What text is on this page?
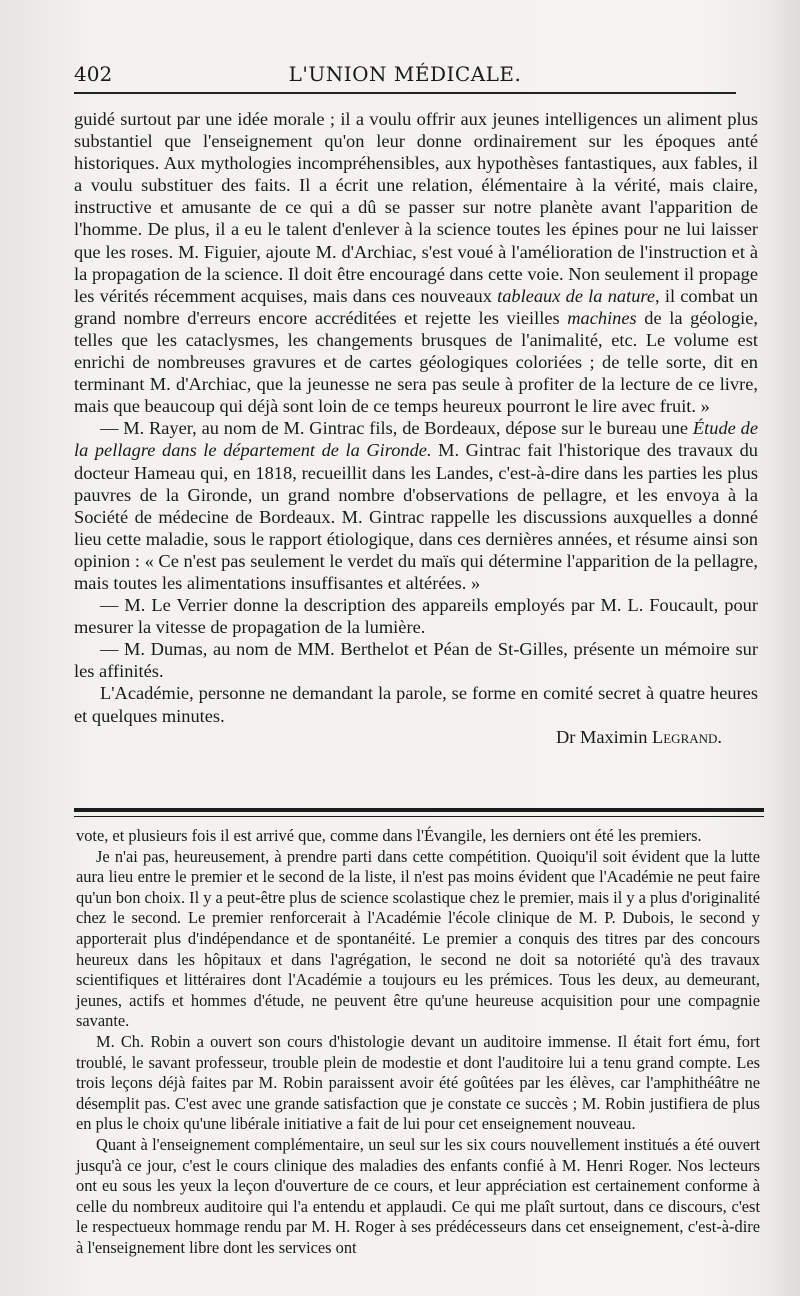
402	L'UNION MÉDICALE.

guidé surtout par une idée morale ; il a voulu offrir aux jeunes intelligences un aliment plus substantiel que l'enseignement qu'on leur donne ordinairement sur les époques anté historiques. Aux mythologies incompréhensibles, aux hypothèses fantastiques, aux fables, il a voulu substituer des faits. Il a écrit une relation, élémentaire à la vérité, mais claire, instructive et amusante de ce qui a dû se passer sur notre planète avant l'apparition de l'homme. De plus, il a eu le talent d'enlever à la science toutes les épines pour ne lui laisser que les roses. M. Figuier, ajoute M. d'Archiac, s'est voué à l'amélioration de l'instruction et à la propagation de la science. Il doit être encouragé dans cette voie. Non seulement il propage les vérités récemment acquises, mais dans ces nouveaux tableaux de la nature, il combat un grand nombre d'erreurs encore accréditées et rejette les vieilles machines de la géologie, telles que les cataclysmes, les changements brusques de l'animalité, etc. Le volume est enrichi de nombreuses gravures et de cartes géologiques coloriées ; de telle sorte, dit en terminant M. d'Archiac, que la jeunesse ne sera pas seule à profiter de la lecture de ce livre, mais que beaucoup qui déjà sont loin de ce temps heureux pourront le lire avec fruit. »

— M. Rayer, au nom de M. Gintrac fils, de Bordeaux, dépose sur le bureau une Étude de la pellagre dans le département de la Gironde. M. Gintrac fait l'historique des travaux du docteur Hameau qui, en 1818, recueillit dans les Landes, c'est-à-dire dans les parties les plus pauvres de la Gironde, un grand nombre d'observations de pellagre, et les envoya à la Société de médecine de Bordeaux. M. Gintrac rappelle les discussions auxquelles a donné lieu cette maladie, sous le rapport étiologique, dans ces dernières années, et résume ainsi son opinion : « Ce n'est pas seulement le verdet du maïs qui détermine l'apparition de la pellagre, mais toutes les alimentations insuffisantes et altérées. »

— M. Le Verrier donne la description des appareils employés par M. L. Foucault, pour mesurer la vitesse de propagation de la lumière.

— M. Dumas, au nom de MM. Berthelot et Péan de St-Gilles, présente un mémoire sur les affinités.

L'Académie, personne ne demandant la parole, se forme en comité secret à quatre heures et quelques minutes.

Dr Maximin Legrand.

vote, et plusieurs fois il est arrivé que, comme dans l'Évangile, les derniers ont été les premiers.

Je n'ai pas, heureusement, à prendre parti dans cette compétition. Quoiqu'il soit évident que la lutte aura lieu entre le premier et le second de la liste, il n'est pas moins évident que l'Académie ne peut faire qu'un bon choix. Il y a peut-être plus de science scolastique chez le premier, mais il y a plus d'originalité chez le second. Le premier renforcerait à l'Académie l'école clinique de M. P. Dubois, le second y apporterait plus d'indépendance et de spontanéité. Le premier a conquis des titres par des concours heureux dans les hôpitaux et dans l'agrégation, le second ne doit sa notoriété qu'à des travaux scientifiques et littéraires dont l'Académie a toujours eu les prémices. Tous les deux, au demeurant, jeunes, actifs et hommes d'étude, ne peuvent être qu'une heureuse acquisition pour une compagnie savante.

M. Ch. Robin a ouvert son cours d'histologie devant un auditoire immense. Il était fort ému, fort troublé, le savant professeur, trouble plein de modestie et dont l'auditoire lui a tenu grand compte. Les trois leçons déjà faites par M. Robin paraissent avoir été goûtées par les élèves, car l'amphithéâtre ne désemplit pas. C'est avec une grande satisfaction que je constate ce succès ; M. Robin justifiera de plus en plus le choix qu'une libérale initiative a fait de lui pour cet enseignement nouveau.

Quant à l'enseignement complémentaire, un seul sur les six cours nouvellement institués a été ouvert jusqu'à ce jour, c'est le cours clinique des maladies des enfants confié à M. Henri Roger. Nos lecteurs ont eu sous les yeux la leçon d'ouverture de ce cours, et leur appréciation est certainement conforme à celle du nombreux auditoire qui l'a entendu et applaudi. Ce qui me plaît surtout, dans ce discours, c'est le respectueux hommage rendu par M. H. Roger à ses prédécesseurs dans cet enseignement, c'est-à-dire à l'enseignement libre dont les services ont
